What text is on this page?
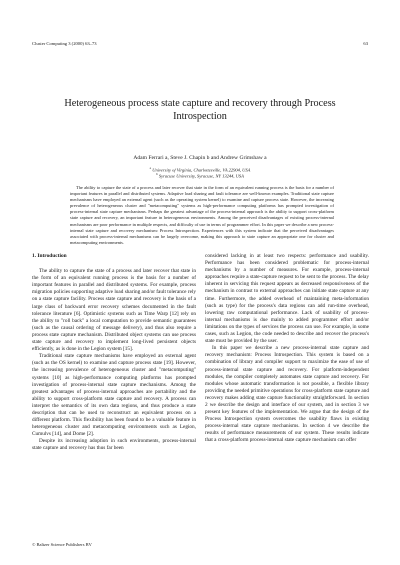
Cluster Computing 3 (2000) 63–73	63
Heterogeneous process state capture and recovery through Process Introspection
Adam Ferrari a, Steve J. Chapin b and Andrew Grimshaw a
$^a$ University of Virginia, Charlottesville, VA 22904, USA
$^b$ Syracuse University, Syracuse, NY 13244, USA

The ability to capture the state of a process and later recover that state in the form of an equivalent running process is the basis for a number of important features in parallel and distributed systems. Adaptive load sharing and fault tolerance are well-known examples. Traditional state capture mechanisms have employed an external agent (such as the operating system kernel) to examine and capture process state. However, the increasing prevalence of heterogeneous cluster and "metacomputing" systems as high-performance computing platforms has prompted investigation of process-internal state capture mechanisms. Perhaps the greatest advantage of the process-internal approach is the ability to support cross-platform state capture and recovery, an important feature in heterogeneous environments. Among the perceived disadvantages of existing process-internal mechanisms are poor performance in multiple respects, and difficulty of use in terms of programmer effort. In this paper we describe a new process-internal state capture and recovery mechanism: Process Introspection. Experiences with this system indicate that the perceived disadvantages associated with process-internal mechanisms can be largely overcome, making this approach to state capture an appropriate one for cluster and metacomputing environments.

1. Introduction

The ability to capture the state of a process and later recover that state in the form of an equivalent running process is the basis for a number of important features in parallel and distributed systems. For example, process migration policies supporting adaptive load sharing and/or fault tolerance rely on a state capture facility. Process state capture and recovery is the basis of a large class of backward error recovery schemes documented in the fault tolerance literature [6]. Optimistic systems such as Time Warp [12] rely on the ability to "roll back" a local computation to provide semantic guarantees (such as the causal ordering of message delivery), and thus also require a process state capture mechanism. Distributed object systems can use process state capture and recovery to implement long-lived persistent objects efficiently, as is done in the Legion system [15].

Traditional state capture mechanisms have employed an external agent (such as the OS kernel) to examine and capture process state [19]. However, the increasing prevalence of heterogeneous cluster and "metacomputing" systems [10] as high-performance computing platforms has prompted investigation of process-internal state capture mechanisms. Among the greatest advantages of process-internal approaches are portability and the ability to support cross-platform state capture and recovery. A process can interpret the semantics of its own data regions, and thus produce a state description that can be used to reconstruct an equivalent process on a different platform. This flexibility has been found to be a valuable feature in heterogeneous cluster and metacomputing environments such as Legion, Cumulvs [14], and Dome [2].

Despite its increasing adoption in such environments, process-internal state capture and recovery has thus far been

considered lacking in at least two respects: performance and usability. Performance has been considered problematic for process-internal mechanisms by a number of measures. For example, process-internal approaches require a state-capture request to be sent to the process. The delay inherent in servicing this request appears as decreased responsiveness of the mechanism in contrast to external approaches can initiate state capture at any time. Furthermore, the added overhead of maintaining meta-information (such as type) for the process's data regions can add run-time overhead, lowering raw computational performance. Lack of usability of process-internal mechanisms is due mainly to added programmer effort and/or limitations on the types of services the process can use. For example, in some cases, such as Legion, the code needed to describe and recover the process's state must be provided by the user.

In this paper we describe a new process-internal state capture and recovery mechanism: Process Introspection. This system is based on a combination of library and compiler support to maximize the ease of use of process-internal state capture and recovery. For platform-independent modules, the compiler completely automates state capture and recovery. For modules whose automatic transformation is not possible, a flexible library providing the needed primitive operations for cross-platform state capture and recovery makes adding state capture functionality straightforward. In section 2 we describe the design and interface of our system, and in section 3 we present key features of the implementation. We argue that the design of the Process Introspection system overcomes the usability flaws in existing process-internal state capture mechanisms. In section 4 we describe the results of performance measurements of our system. These results indicate that a cross-platform process-internal state capture mechanism can offer

© Baltzer Science Publishers BV
